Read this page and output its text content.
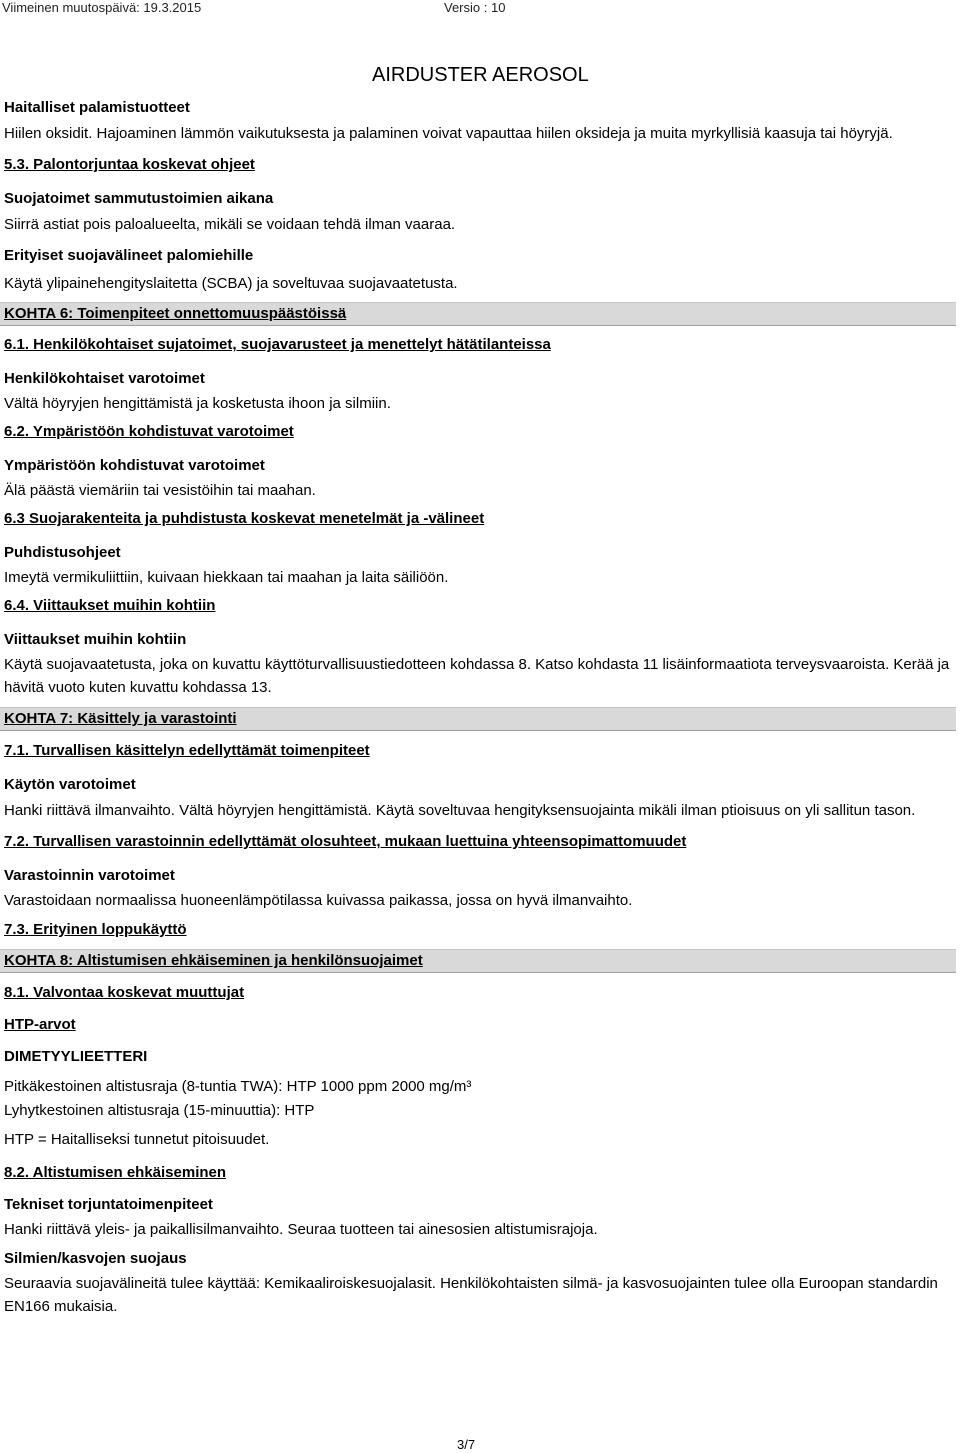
Viimeinen muutospäivä: 19.3.2015	Versio : 10
AIRDUSTER AEROSOL
Haitalliset palamistuotteet
Hiilen oksidit. Hajoaminen lämmön vaikutuksesta ja palaminen voivat vapauttaa hiilen oksideja ja muita myrkyllisiä kaasuja tai höyryjä.
5.3. Palontorjuntaa koskevat ohjeet
Suojatoimet sammutustoimien aikana
Siirrä astiat pois paloalueelta, mikäli se voidaan tehdä ilman vaaraa.
Erityiset suojavälineet palomiehille
Käytä ylipainehengityslaitetta (SCBA) ja soveltuvaa suojavaatetusta.
KOHTA 6: Toimenpiteet onnettomuuspäästöissä
6.1. Henkilökohtaiset sujatoimet, suojavarusteet ja menettelyt hätätilanteissa
Henkilökohtaiset varotoimet
Vältä höyryjen hengittämistä ja kosketusta ihoon ja silmiin.
6.2. Ympäristöön kohdistuvat varotoimet
Ympäristöön kohdistuvat varotoimet
Älä päästä viemäriin tai vesistöihin tai maahan.
6.3 Suojarakenteita ja puhdistusta koskevat menetelmät ja -välineet
Puhdistusohjeet
Imeytä vermikuliittiin, kuivaan hiekkaan tai maahan ja laita säiliöön.
6.4. Viittaukset muihin kohtiin
Viittaukset muihin kohtiin
Käytä suojavaatetusta, joka on kuvattu käyttöturvallisuustiedotteen kohdassa 8. Katso kohdasta 11 lisäinformaatiota terveysvaaroista. Kerää ja hävitä vuoto kuten kuvattu kohdassa 13.
KOHTA 7: Käsittely ja varastointi
7.1. Turvallisen käsittelyn edellyttämät toimenpiteet
Käytön varotoimet
Hanki riittävä ilmanvaihto. Vältä höyryjen hengittämistä. Käytä soveltuvaa hengityksensuojainta mikäli ilman ptioisuus on yli sallitun tason.
7.2. Turvallisen varastoinnin edellyttämät olosuhteet, mukaan luettuina yhteensopimattomuudet
Varastoinnin varotoimet
Varastoidaan normaalissa huoneenlämpötilassa kuivassa paikassa, jossa on hyvä ilmanvaihto.
7.3. Erityinen loppukäyttö
KOHTA 8: Altistumisen ehkäiseminen ja henkilönsuojaimet
8.1. Valvontaa koskevat muuttujat
HTP-arvot
DIMETYYLIEETTERI
Pitkäkestoinen altistusraja (8-tuntia TWA): HTP 1000 ppm 2000 mg/m³
Lyhytkestoinen altistusraja (15-minuuttia): HTP
HTP = Haitalliseksi tunnetut pitoisuudet.
8.2. Altistumisen ehkäiseminen
Tekniset torjuntatoimenpiteet
Hanki riittävä yleis- ja paikallisilmanvaihto. Seuraa tuotteen tai ainesosien altistumisrajoja.
Silmien/kasvojen suojaus
Seuraavia suojavälineitä tulee käyttää: Kemikaaliroiskesuojalasit. Henkilökohtaisten silmä- ja kasvosuojainten tulee olla Euroopan standardin EN166 mukaisia.
3/7
